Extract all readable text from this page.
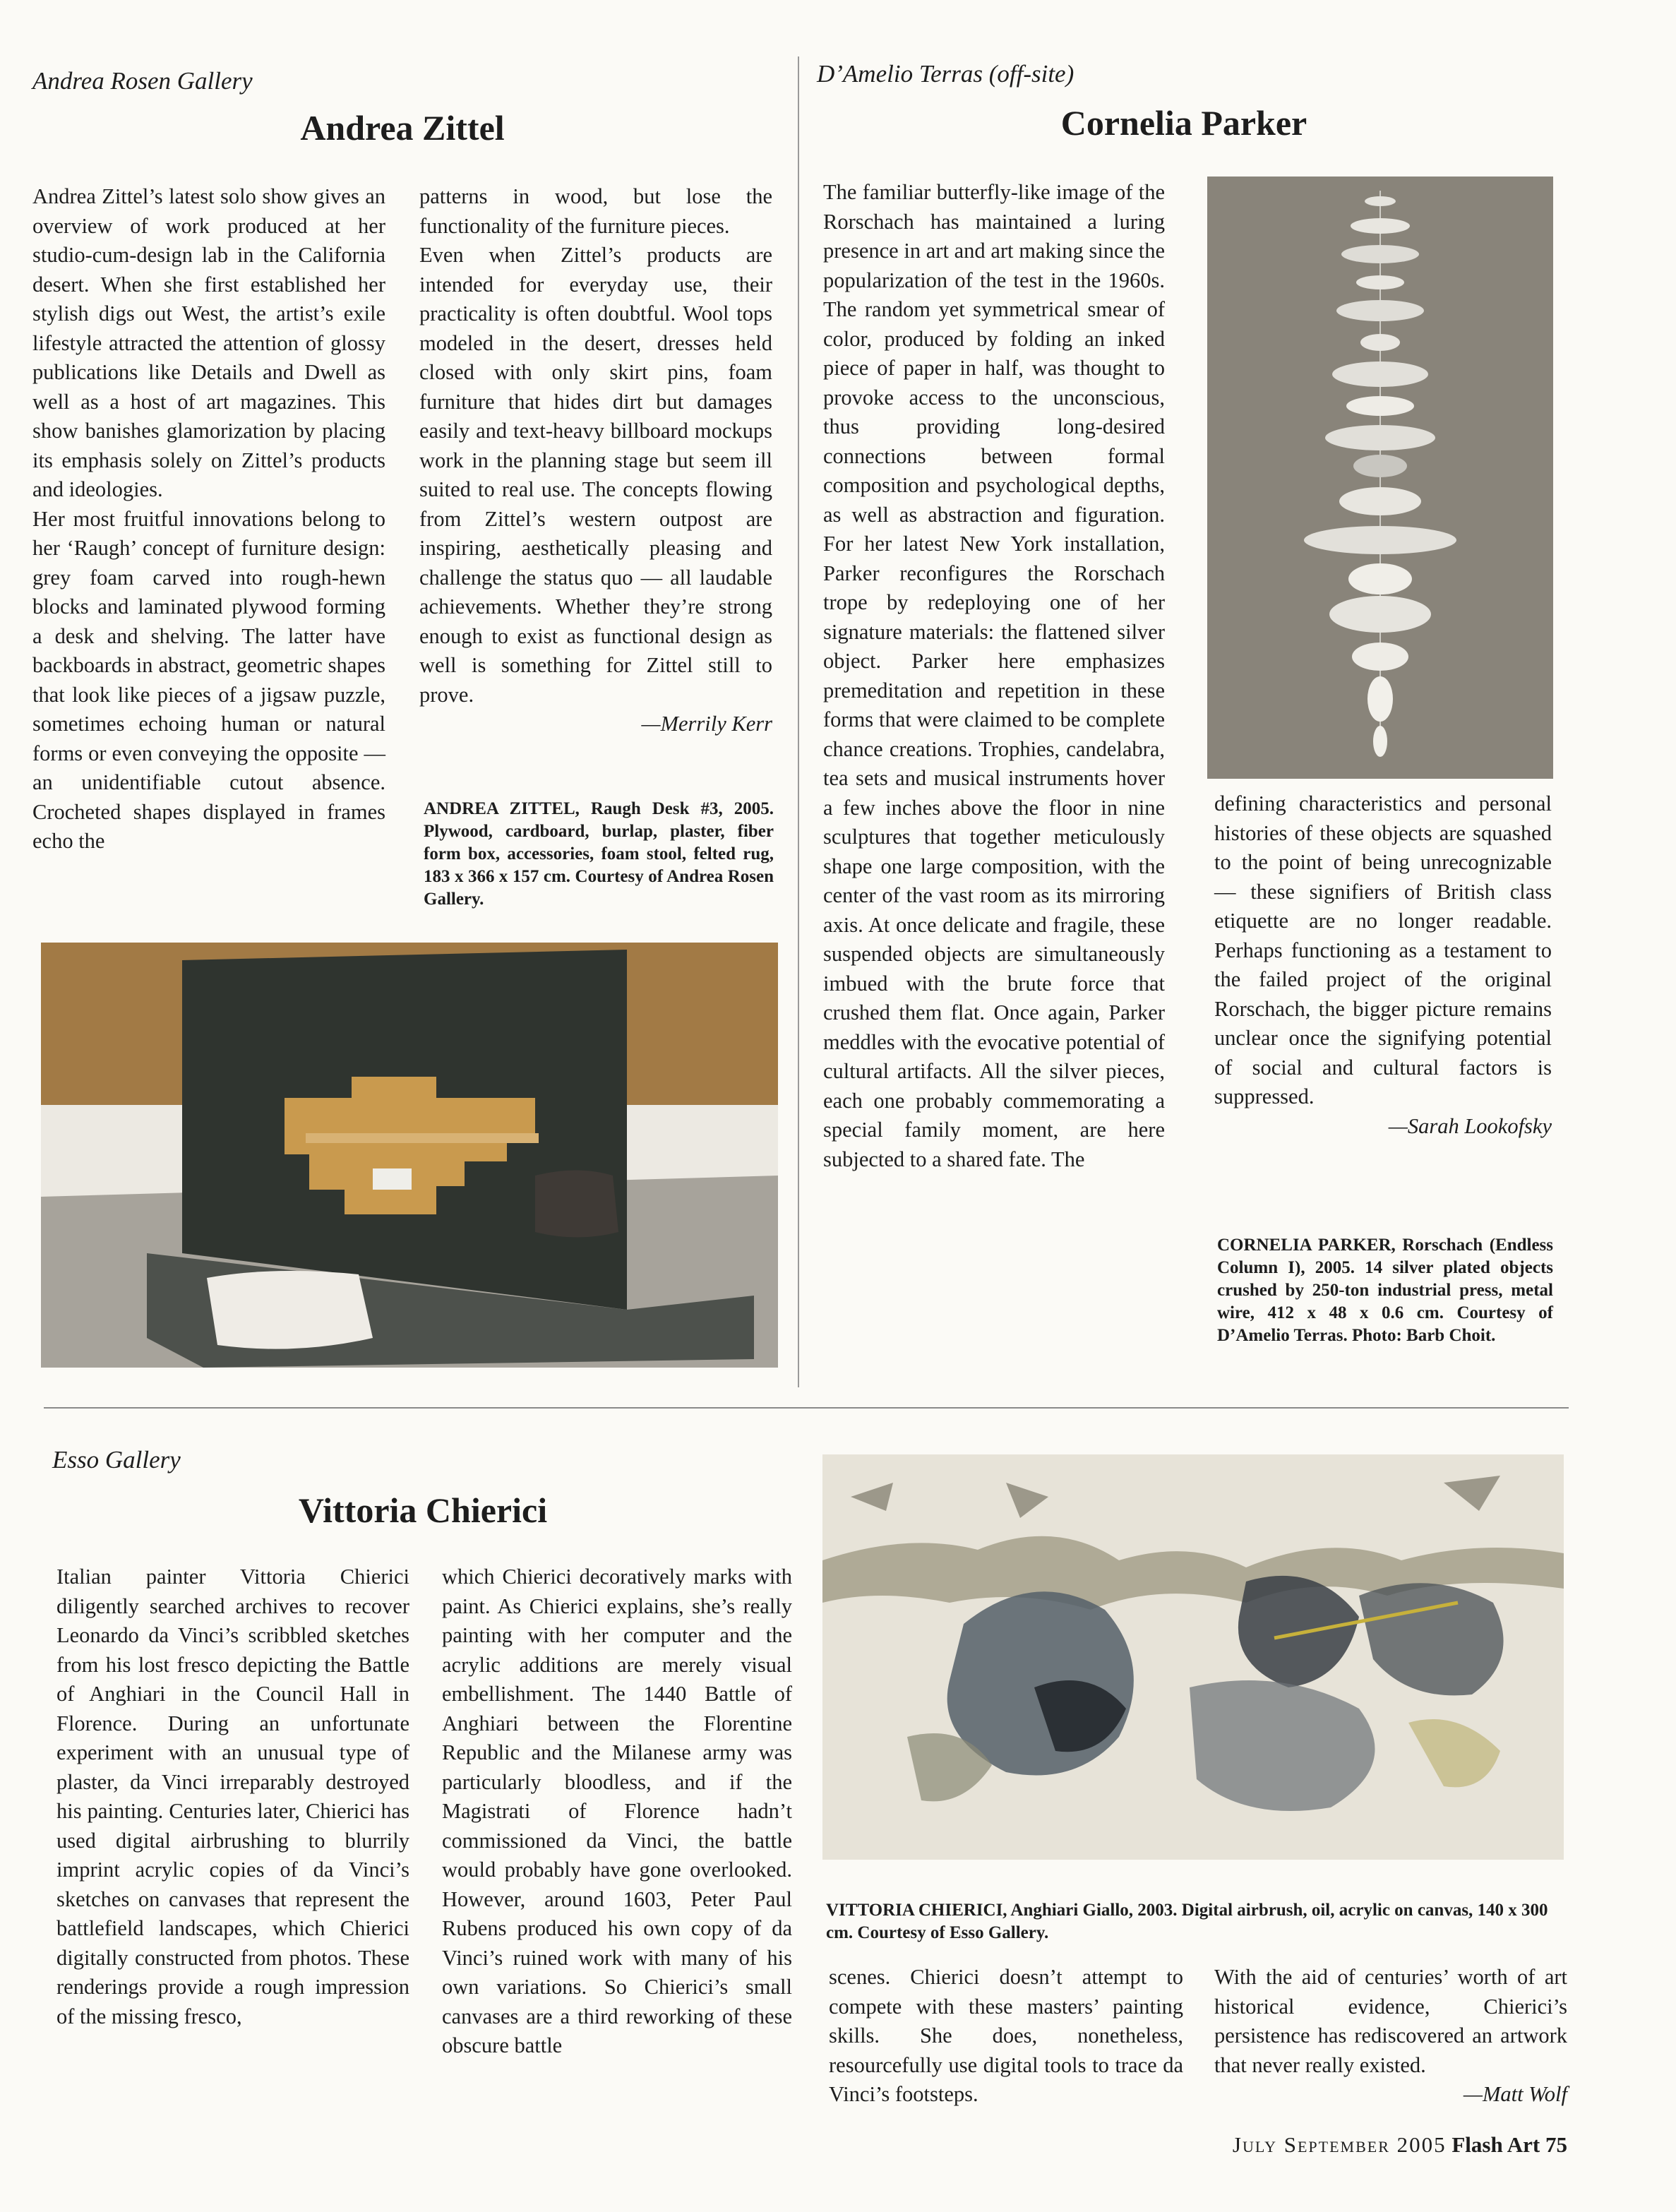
Andrea Rosen Gallery
Andrea Zittel

Andrea Zittel’s latest solo show gives an overview of work produced at her studio-cum-design lab in the California desert. When she first established her stylish digs out West, the artist’s exile lifestyle attracted the attention of glossy publications like Details and Dwell as well as a host of art magazines. This show banishes glamorization by placing its emphasis solely on Zittel’s products and ideologies.

Her most fruitful innovations belong to her ‘Raugh’ concept of furniture design: grey foam carved into rough-hewn blocks and laminated plywood forming a desk and shelving. The latter have backboards in abstract, geometric shapes that look like pieces of a jigsaw puzzle, sometimes echoing human or natural forms or even conveying the opposite — an unidentifiable cutout absence. Crocheted shapes displayed in frames echo the

patterns in wood, but lose the functionality of the furniture pieces.

Even when Zittel’s products are intended for everyday use, their practicality is often doubtful. Wool tops modeled in the desert, dresses held closed with only skirt pins, foam furniture that hides dirt but damages easily and text-heavy billboard mockups work in the planning stage but seem ill suited to real use. The concepts flowing from Zittel’s western outpost are inspiring, aesthetically pleasing and challenge the status quo — all laudable achievements. Whether they’re strong enough to exist as functional design as well is something for Zittel still to prove.

—Merrily Kerr

ANDREA ZITTEL, Raugh Desk #3, 2005. Plywood, cardboard, burlap, plaster, fiber form box, accessories, foam stool, felted rug, 183 x 366 x 157 cm. Courtesy of Andrea Rosen Gallery.
D’Amelio Terras (off-site)
Cornelia Parker
The familiar butterfly-like image of the Rorschach has maintained a luring presence in art and art making since the popularization of the test in the 1960s. The random yet symmetrical smear of color, produced by folding an inked piece of paper in half, was thought to provoke access to the unconscious, thus providing long-desired connections between formal composition and psychological depths, as well as abstraction and figuration. For her latest New York installation, Parker reconfigures the Rorschach trope by redeploying one of her signature materials: the flattened silver object. Parker here emphasizes premeditation and repetition in these forms that were claimed to be complete chance creations. Trophies, candelabra, tea sets and musical instruments hover a few inches above the floor in nine sculptures that together meticulously shape one large composition, with the center of the vast room as its mirroring axis. At once delicate and fragile, these suspended objects are simultaneously imbued with the brute force that crushed them flat. Once again, Parker meddles with the evocative potential of cultural artifacts. All the silver pieces, each one probably commemorating a special family moment, are here subjected to a shared fate. The

defining characteristics and personal histories of these objects are squashed to the point of being unrecognizable — these signifiers of British class etiquette are no longer readable. Perhaps functioning as a testament to the failed project of the original Rorschach, the bigger picture remains unclear once the signifying potential of social and cultural factors is suppressed.

—Sarah Lookofsky

CORNELIA PARKER, Rorschach (Endless Column I), 2005. 14 silver plated objects crushed by 250-ton industrial press, metal wire, 412 x 48 x 0.6 cm. Courtesy of D’Amelio Terras. Photo: Barb Choit.
Esso Gallery
Vittoria Chierici
Italian painter Vittoria Chierici diligently searched archives to recover Leonardo da Vinci’s scribbled sketches from his lost fresco depicting the Battle of Anghiari in the Council Hall in Florence. During an unfortunate experiment with an unusual type of plaster, da Vinci irreparably destroyed his painting. Centuries later, Chierici has used digital airbrushing to blurrily imprint acrylic copies of da Vinci’s sketches on canvases that represent the battlefield landscapes, which Chierici digitally constructed from photos. These renderings provide a rough impression of the missing fresco,
which Chierici decoratively marks with paint. As Chierici explains, she’s really painting with her computer and the acrylic additions are merely visual embellishment. The 1440 Battle of Anghiari between the Florentine Republic and the Milanese army was particularly bloodless, and if the Magistrati of Florence hadn’t commissioned da Vinci, the battle would probably have gone overlooked. However, around 1603, Peter Paul Rubens produced his own copy of da Vinci’s ruined work with many of his own variations. So Chierici’s small canvases are a third reworking of these obscure battle
VITTORIA CHIERICI, Anghiari Giallo, 2003. Digital airbrush, oil, acrylic on canvas, 140 x 300 cm. Courtesy of Esso Gallery.
scenes. Chierici doesn’t attempt to compete with these masters’ painting skills. She does, nonetheless, resourcefully use digital tools to trace da Vinci’s footsteps.

With the aid of centuries’ worth of art historical evidence, Chierici’s persistence has rediscovered an artwork that never really existed.

—Matt Wolf

July September 2005 Flash Art 75
